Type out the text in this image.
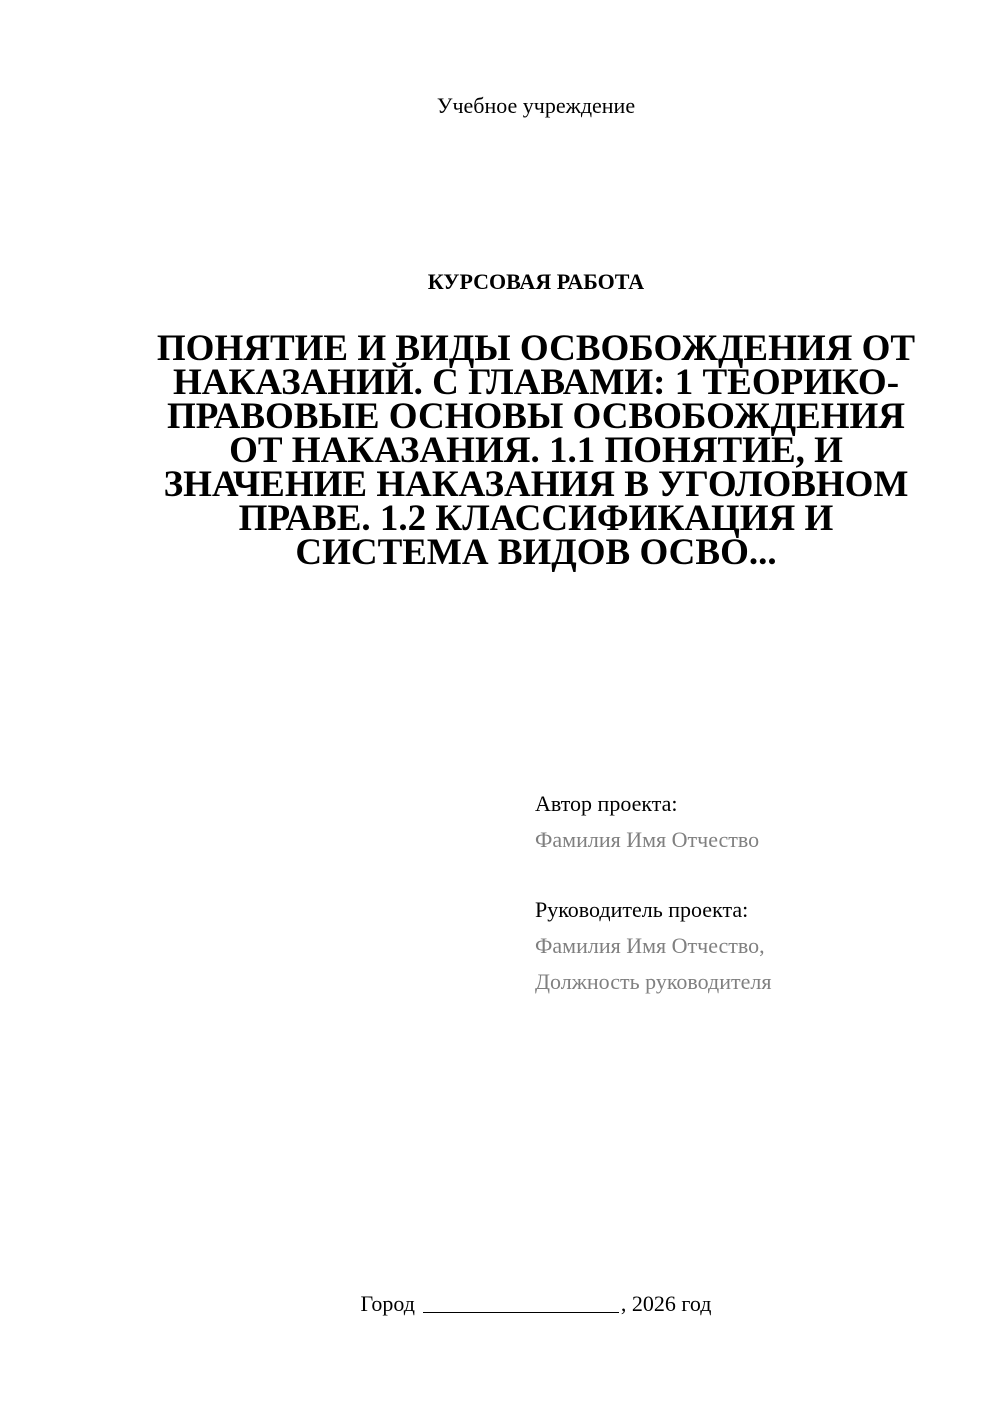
Учебное учреждение
КУРСОВАЯ РАБОТА
ПОНЯТИЕ И ВИДЫ ОСВОБОЖДЕНИЯ ОТ НАКАЗАНИЙ. С ГЛАВАМИ: 1 ТЕОРИКО-ПРАВОВЫЕ ОСНОВЫ ОСВОБОЖДЕНИЯ ОТ НАКАЗАНИЯ. 1.1 ПОНЯТИЕ, И ЗНАЧЕНИЕ НАКАЗАНИЯ В УГОЛОВНОМ ПРАВЕ. 1.2 КЛАССИФИКАЦИЯ И СИСТЕМА ВИДОВ ОСВО...
Автор проекта:
Фамилия Имя Отчество
Руководитель проекта:
Фамилия Имя Отчество,
Должность руководителя
Город	, 2026 год
